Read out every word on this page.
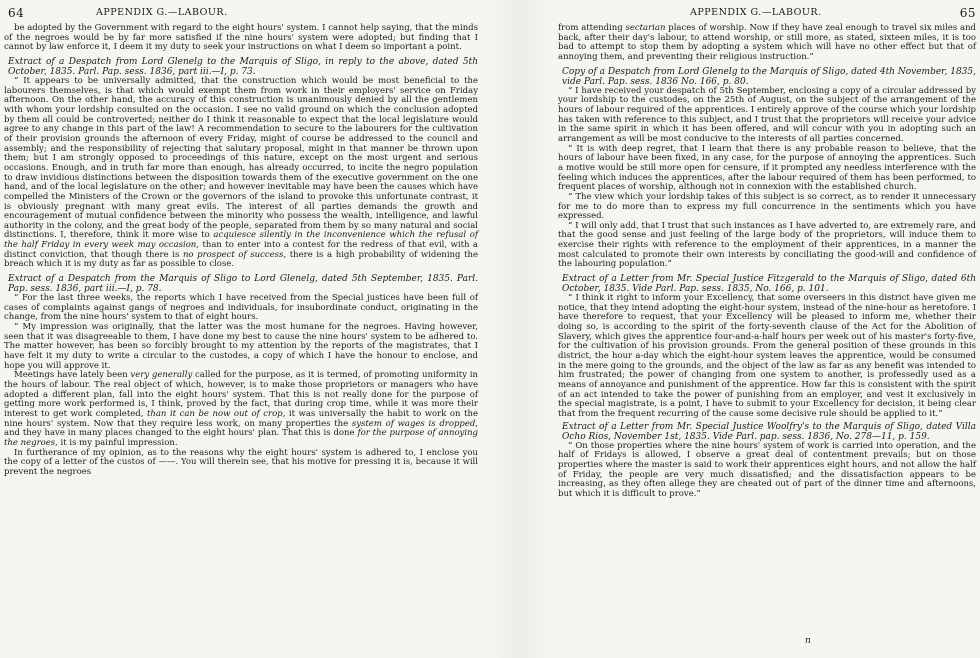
64	APPENDIX G.—LABOUR.

be adopted by the Government with regard to the eight hours' system. I cannot help saying, that the minds of the negroes would be by far more satisfied if the nine hours' system were adopted; but finding that I cannot by law enforce it, I deem it my duty to seek your instructions on what I deem so important a point.

Extract of a Despatch from Lord Glenelg to the Marquis of Sligo, in reply to the above, dated 5th October, 1835. Parl. Pap. sess. 1836, part iii.—I, p. 73.

“ It appears to be universally admitted, that the construction which would be most beneficial to the labourers themselves, is that which would exempt them from work in their employers' service on Friday afternoon. On the other hand, the accuracy of this construction is unanimously denied by all the gentlemen with whom your lordship consulted on the occasion. I see no valid ground on which the conclusion adopted by them all could be controverted; neither do I think it reasonable to expect that the local legislature would agree to any change in this part of the law! A recommendation to secure to the labourers for the cultivation of their provision grounds the afternoon of every Friday, might of course be addressed to the council and assembly; and the responsibility of rejecting that salutary proposal, might in that manner be thrown upon them; but I am strongly opposed to proceedings of this nature, except on the most urgent and serious occasions. Enough, and in truth far more than enough, has already occurred, to incite the negro population to draw invidious distinctions between the disposition towards them of the executive government on the one hand, and of the local legislature on the other; and however inevitable may have been the causes which have compelled the Ministers of the Crown or the governors of the island to provoke this unfortunate contrast, it is obviously pregnant with many great evils. The interest of all parties demands the growth and encouragement of mutual confidence between the minority who possess the wealth, intelligence, and lawful authority in the colony, and the great body of the people, separated from them by so many natural and social distinctions. I, therefore, think it more wise to acquiesce silently in the inconvenience which the refusal of the half Friday in every week may occasion, than to enter into a contest for the redress of that evil, with a distinct conviction, that though there is no prospect of success, there is a high probability of widening the breach which it is my duty as far as possible to close.

Extract of a Despatch from the Marquis of Sligo to Lord Glenelg, dated 5th September, 1835. Parl. Pap. sess. 1836, part iii.—I, p. 78.

“ For the last three weeks, the reports which I have received from the Special justices have been full of cases of complaints against gangs of negroes and individuals, for insubordinate conduct, originating in the change, from the nine hours' system to that of eight hours.

“ My impression was originally, that the latter was the most humane for the negroes. Having however, seen that it was disagreeable to them, I have done my best to cause the nine hours' system to be adhered to. The matter however, has been so forcibly brought to my attention by the reports of the magistrates, that I have felt it my duty to write a circular to the custodes, a copy of which I have the honour to enclose, and hope you will approve it.

Meetings have lately been very generally called for the purpose, as it is termed, of promoting uniformity in the hours of labour. The real object of which, however, is to make those proprietors or managers who have adopted a different plan, fall into the eight hours' system. That this is not really done for the purpose of getting more work performed is, I think, proved by the fact, that during crop time, while it was more their interest to get work completed, than it can be now out of crop, it was universally the habit to work on the nine hours' system. Now that they require less work, on many properties the system of wages is dropped, and they have in many places changed to the eight hours' plan. That this is done for the purpose of annoying the negroes, it is my painful impression.

In furtherance of my opinion, as to the reasons why the eight hours' system is adhered to, I enclose you the copy of a letter of the custos of ——. You will therein see, that his motive for pressing it is, because it will prevent the negroes

APPENDIX G.—LABOUR.	65

from attending sectarian places of worship. Now if they have zeal enough to travel six miles and back, after their day's labour, to attend worship, or still more, as stated, sixteen miles, it is too bad to attempt to stop them by adopting a system which will have no other effect but that of annoying them, and preventing their religious instruction.”

Copy of a Despatch from Lord Glenelg to the Marquis of Sligo, dated 4th November, 1835, vide Parl. Pap. sess. 1836 No. 166, p. 80.

“ I have received your despatch of 5th September, enclosing a copy of a circular addressed by your lordship to the custodes, on the 25th of August, on the subject of the arrangement of the hours of labour required of the apprentices. I entirely approve of the course which your lordship has taken with reference to this subject, and I trust that the proprietors will receive your advice in the same spirit in which it has been offered, and will concur with you in adopting such an arrangement as will be most conducive to the interests of all parties concerned.

“ It is with deep regret, that I learn that there is any probable reason to believe, that the hours of labour have been fixed, in any case, for the purpose of annoying the apprentices. Such a motive would be still more open for censure, if it prompted any needless interference with the feeling which induces the apprentices, after the labour required of them has been performed, to frequent places of worship, although not in connexion with the established church.

“ The view which your lordship takes of this subject is so correct, as to render it unnecessary for me to do more than to express my full concurrence in the sentiments which you have expressed.

“ I will only add, that I trust that such instances as I have adverted to, are extremely rare, and that the good sense and just feeling of the large body of the proprietors, will induce them to exercise their rights with reference to the employment of their apprentices, in a manner the most calculated to promote their own interests by conciliating the good-will and confidence of the labouring population.”

Extract of a Letter from Mr. Special Justice Fitzgerald to the Marquis of Sligo, dated 6th October, 1835. Vide Parl. Pap. sess. 1835, No. 166, p. 101.

“ I think it right to inform your Excellency, that some overseers in this district have given me notice, that they intend adopting the eight-hour system, instead of the nine-hour as heretofore. I have therefore to request, that your Excellency will be pleased to inform me, whether their doing so, is according to the spirit of the forty-seventh clause of the Act for the Abolition of Slavery, which gives the apprentice four-and-a-half hours per week out of his master's forty-five, for the cultivation of his provision grounds. From the general position of these grounds in this district, the hour a-day which the eight-hour system leaves the apprentice, would be consumed in the mere going to the grounds, and the object of the law as far as any benefit was intended to him frustrated; the power of changing from one system to another, is professedly used as a means of annoyance and punishment of the apprentice. How far this is consistent with the spirit of an act intended to take the power of punishing from an employer, and vest it exclusively in the special magistrate, is a point, I have to submit to your Excellency for decision, it being clear that from the frequent recurring of the cause some decisive rule should be applied to it.”

Extract of a Letter from Mr. Special Justice Woolfry's to the Marquis of Sligo, dated Villa Ocho Rios, November 1st, 1835. Vide Parl. pap. sess. 1836, No. 278—11, p. 159.

“ On those properties where the nine hours' system of work is carried into operation, and the half of Fridays is allowed, I observe a great deal of contentment prevails; but on those properties where the master is said to work their apprentices eight hours, and not allow the half of Friday, the people are very much dissatisfied; and the dissatisfaction appears to be increasing, as they often allege they are cheated out of part of the dinner time and afternoons, but which it is difficult to prove.”

n
